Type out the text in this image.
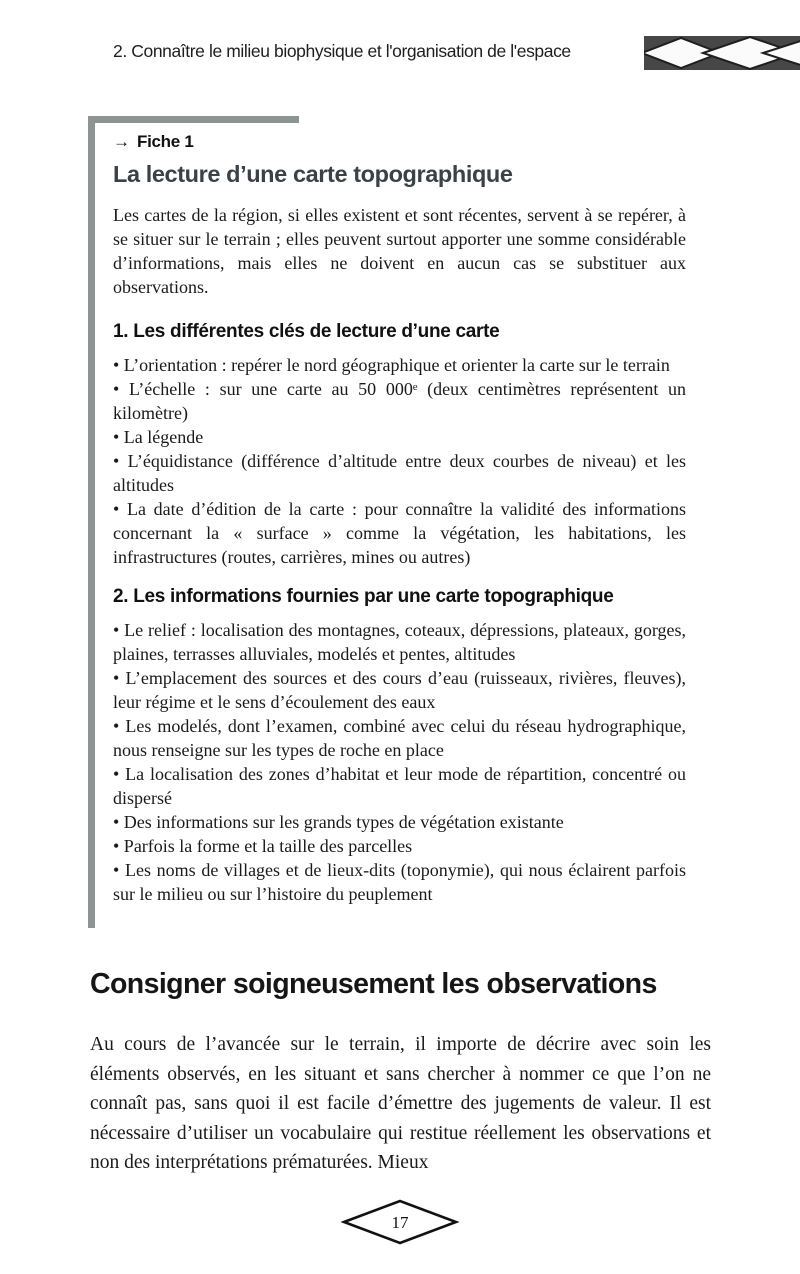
2. Connaître le milieu biophysique et l'organisation de l'espace
→ Fiche 1
La lecture d’une carte topographique

Les cartes de la région, si elles existent et sont récentes, servent à se repérer, à se situer sur le terrain ; elles peuvent surtout apporter une somme considérable d’informations, mais elles ne doivent en aucun cas se substituer aux observations.

1. Les différentes clés de lecture d’une carte

• L’orientation : repérer le nord géographique et orienter la carte sur le terrain

• L’échelle : sur une carte au 50 000ᵉ (deux centimètres représentent un kilomètre)

• La légende

• L’équidistance (différence d’altitude entre deux courbes de niveau) et les altitudes

• La date d’édition de la carte : pour connaître la validité des informations concernant la « surface » comme la végétation, les habitations, les infrastructures (routes, carrières, mines ou autres)

2. Les informations fournies par une carte topographique

• Le relief : localisation des montagnes, coteaux, dépressions, plateaux, gorges, plaines, terrasses alluviales, modelés et pentes, altitudes

• L’emplacement des sources et des cours d’eau (ruisseaux, rivières, fleuves), leur régime et le sens d’écoulement des eaux

• Les modelés, dont l’examen, combiné avec celui du réseau hydrographique, nous renseigne sur les types de roche en place

• La localisation des zones d’habitat et leur mode de répartition, concentré ou dispersé

• Des informations sur les grands types de végétation existante

• Parfois la forme et la taille des parcelles

• Les noms de villages et de lieux-dits (toponymie), qui nous éclairent parfois sur le milieu ou sur l’histoire du peuplement

Consigner soigneusement les observations

Au cours de l’avancée sur le terrain, il importe de décrire avec soin les éléments observés, en les situant et sans chercher à nommer ce que l’on ne connaît pas, sans quoi il est facile d’émettre des jugements de valeur. Il est nécessaire d’utiliser un vocabulaire qui restitue réellement les observations et non des interprétations prématurées. Mieux

17
